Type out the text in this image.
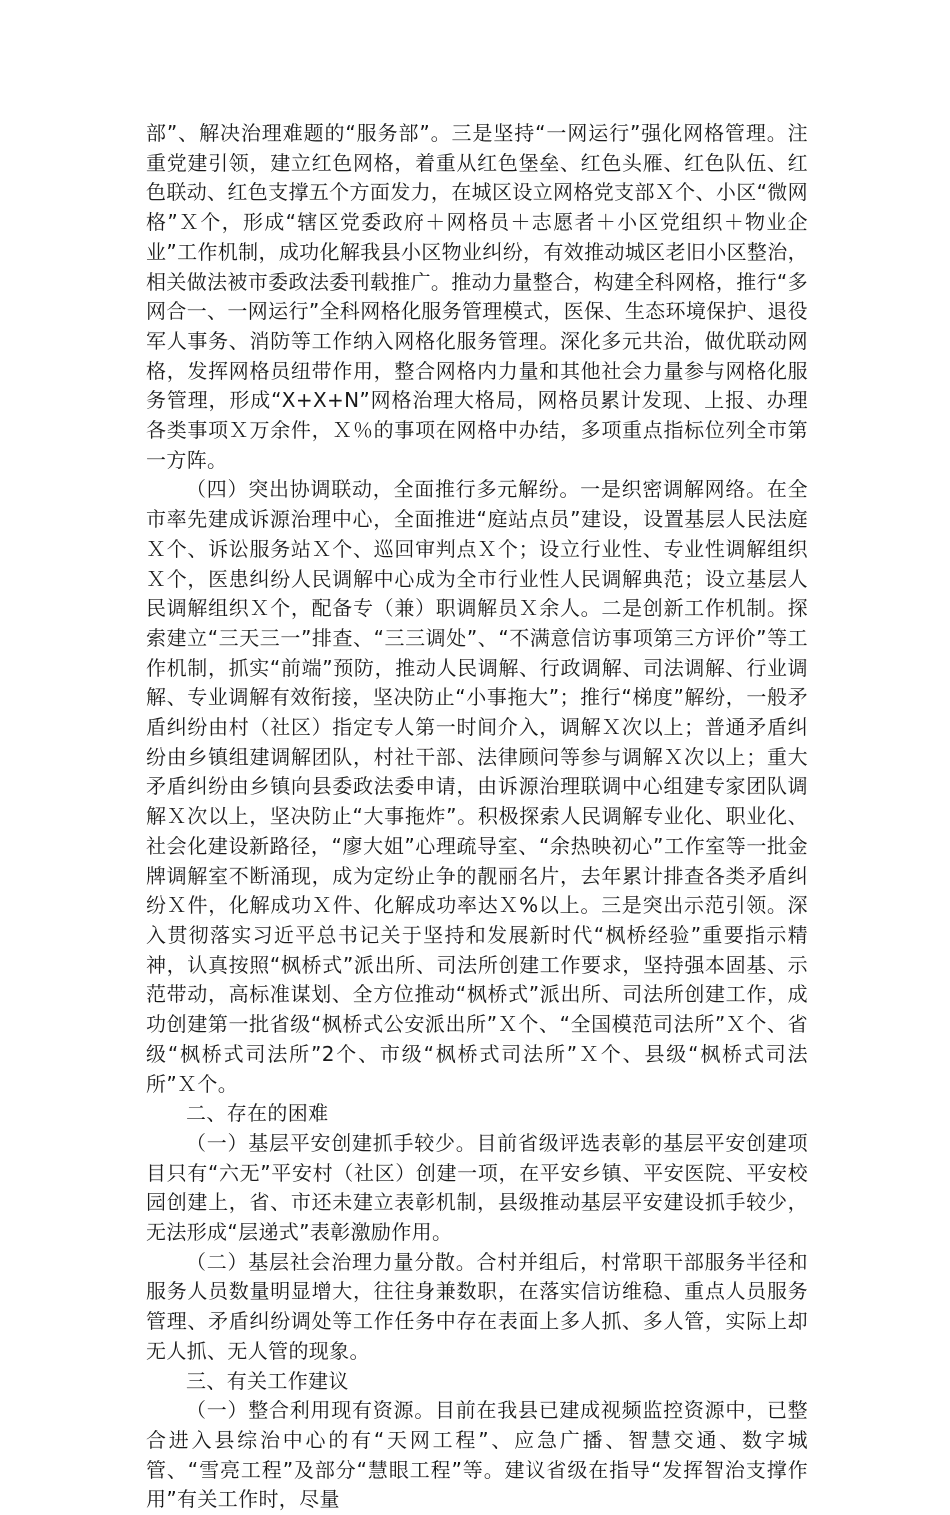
部”、解决治理难题的“服务部”。三是坚持“一网运行”强化网格管理。注重党建引领，建立红色网格，着重从红色堡垒、红色头雁、红色队伍、红色联动、红色支撑五个方面发力，在城区设立网格党支部Ｘ个、小区“微网格”Ｘ个，形成“辖区党委政府＋网格员＋志愿者＋小区党组织＋物业企业”工作机制，成功化解我县小区物业纠纷，有效推动城区老旧小区整治，相关做法被市委政法委刊载推广。推动力量整合，构建全科网格，推行“多网合一、一网运行”全科网格化服务管理模式，医保、生态环境保护、退役军人事务、消防等工作纳入网格化服务管理。深化多元共治，做优联动网格，发挥网格员纽带作用，整合网格内力量和其他社会力量参与网格化服务管理，形成“X+X+N”网格治理大格局，网格员累计发现、上报、办理各类事项Ｘ万余件，Ｘ％的事项在网格中办结，多项重点指标位列全市第一方阵。

（四）突出协调联动，全面推行多元解纷。一是织密调解网络。在全市率先建成诉源治理中心，全面推进“庭站点员”建设，设置基层人民法庭Ｘ个、诉讼服务站Ｘ个、巡回审判点Ｘ个；设立行业性、专业性调解组织Ｘ个，医患纠纷人民调解中心成为全市行业性人民调解典范；设立基层人民调解组织Ｘ个，配备专（兼）职调解员Ｘ余人。二是创新工作机制。探索建立“三天三一”排查、“三三调处”、“不满意信访事项第三方评价”等工作机制，抓实“前端”预防，推动人民调解、行政调解、司法调解、行业调解、专业调解有效衔接，坚决防止“小事拖大”；推行“梯度”解纷，一般矛盾纠纷由村（社区）指定专人第一时间介入，调解Ｘ次以上；普通矛盾纠纷由乡镇组建调解团队，村社干部、法律顾问等参与调解Ｘ次以上；重大矛盾纠纷由乡镇向县委政法委申请，由诉源治理联调中心组建专家团队调解Ｘ次以上，坚决防止“大事拖炸”。积极探索人民调解专业化、职业化、社会化建设新路径，“廖大姐”心理疏导室、“余热映初心”工作室等一批金牌调解室不断涌现，成为定纷止争的靓丽名片，去年累计排查各类矛盾纠纷Ｘ件，化解成功Ｘ件、化解成功率达Ｘ%以上。三是突出示范引领。深入贯彻落实习近平总书记关于坚持和发展新时代“枫桥经验”重要指示精神，认真按照“枫桥式”派出所、司法所创建工作要求，坚持强本固基、示范带动，高标准谋划、全方位推动“枫桥式”派出所、司法所创建工作，成功创建第一批省级“枫桥式公安派出所”Ｘ个、“全国模范司法所”Ｘ个、省级“枫桥式司法所”2个、市级“枫桥式司法所”Ｘ个、县级“枫桥式司法所”Ｘ个。

二、存在的困难

（一）基层平安创建抓手较少。目前省级评选表彰的基层平安创建项目只有“六无”平安村（社区）创建一项，在平安乡镇、平安医院、平安校园创建上，省、市还未建立表彰机制，县级推动基层平安建设抓手较少，无法形成“层递式”表彰激励作用。

（二）基层社会治理力量分散。合村并组后，村常职干部服务半径和服务人员数量明显增大，往往身兼数职，在落实信访维稳、重点人员服务管理、矛盾纠纷调处等工作任务中存在表面上多人抓、多人管，实际上却无人抓、无人管的现象。

三、有关工作建议

（一）整合利用现有资源。目前在我县已建成视频监控资源中，已整合进入县综治中心的有“天网工程”、应急广播、智慧交通、数字城管、“雪亮工程”及部分“慧眼工程”等。建议省级在指导“发挥智治支撑作用”有关工作时，尽量
